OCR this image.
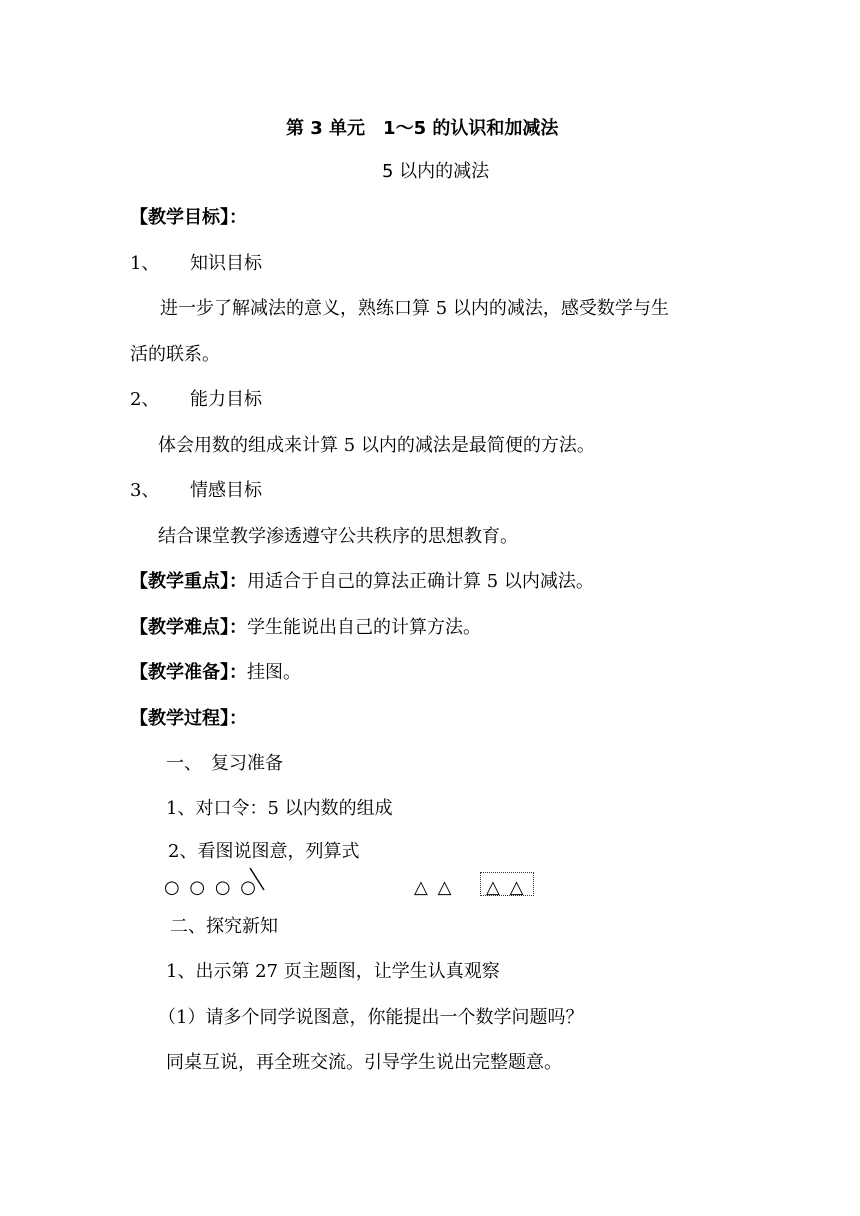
第 3 单元　1～5 的认识和加减法
5 以内的减法
【教学目标】：
1、 知识目标
进一步了解减法的意义，熟练口算 5 以内的减法，感受数学与生
活的联系。
2、 能力目标
体会用数的组成来计算 5 以内的减法是最简便的方法。
3、 情感目标
结合课堂教学渗透遵守公共秩序的思想教育。
【教学重点】：用适合于自己的算法正确计算 5 以内减法。
【教学难点】：学生能说出自己的计算方法。
【教学准备】：挂图。
【教学过程】：
一、　复习准备
1、对口令：5 以内数的组成
2、看图说图意，列算式
○ ○ ○ ○	△ △ △ △
二、探究新知
1、出示第 27 页主题图，让学生认真观察
（1）请多个同学说图意，你能提出一个数学问题吗？
同桌互说，再全班交流。引导学生说出完整题意。
